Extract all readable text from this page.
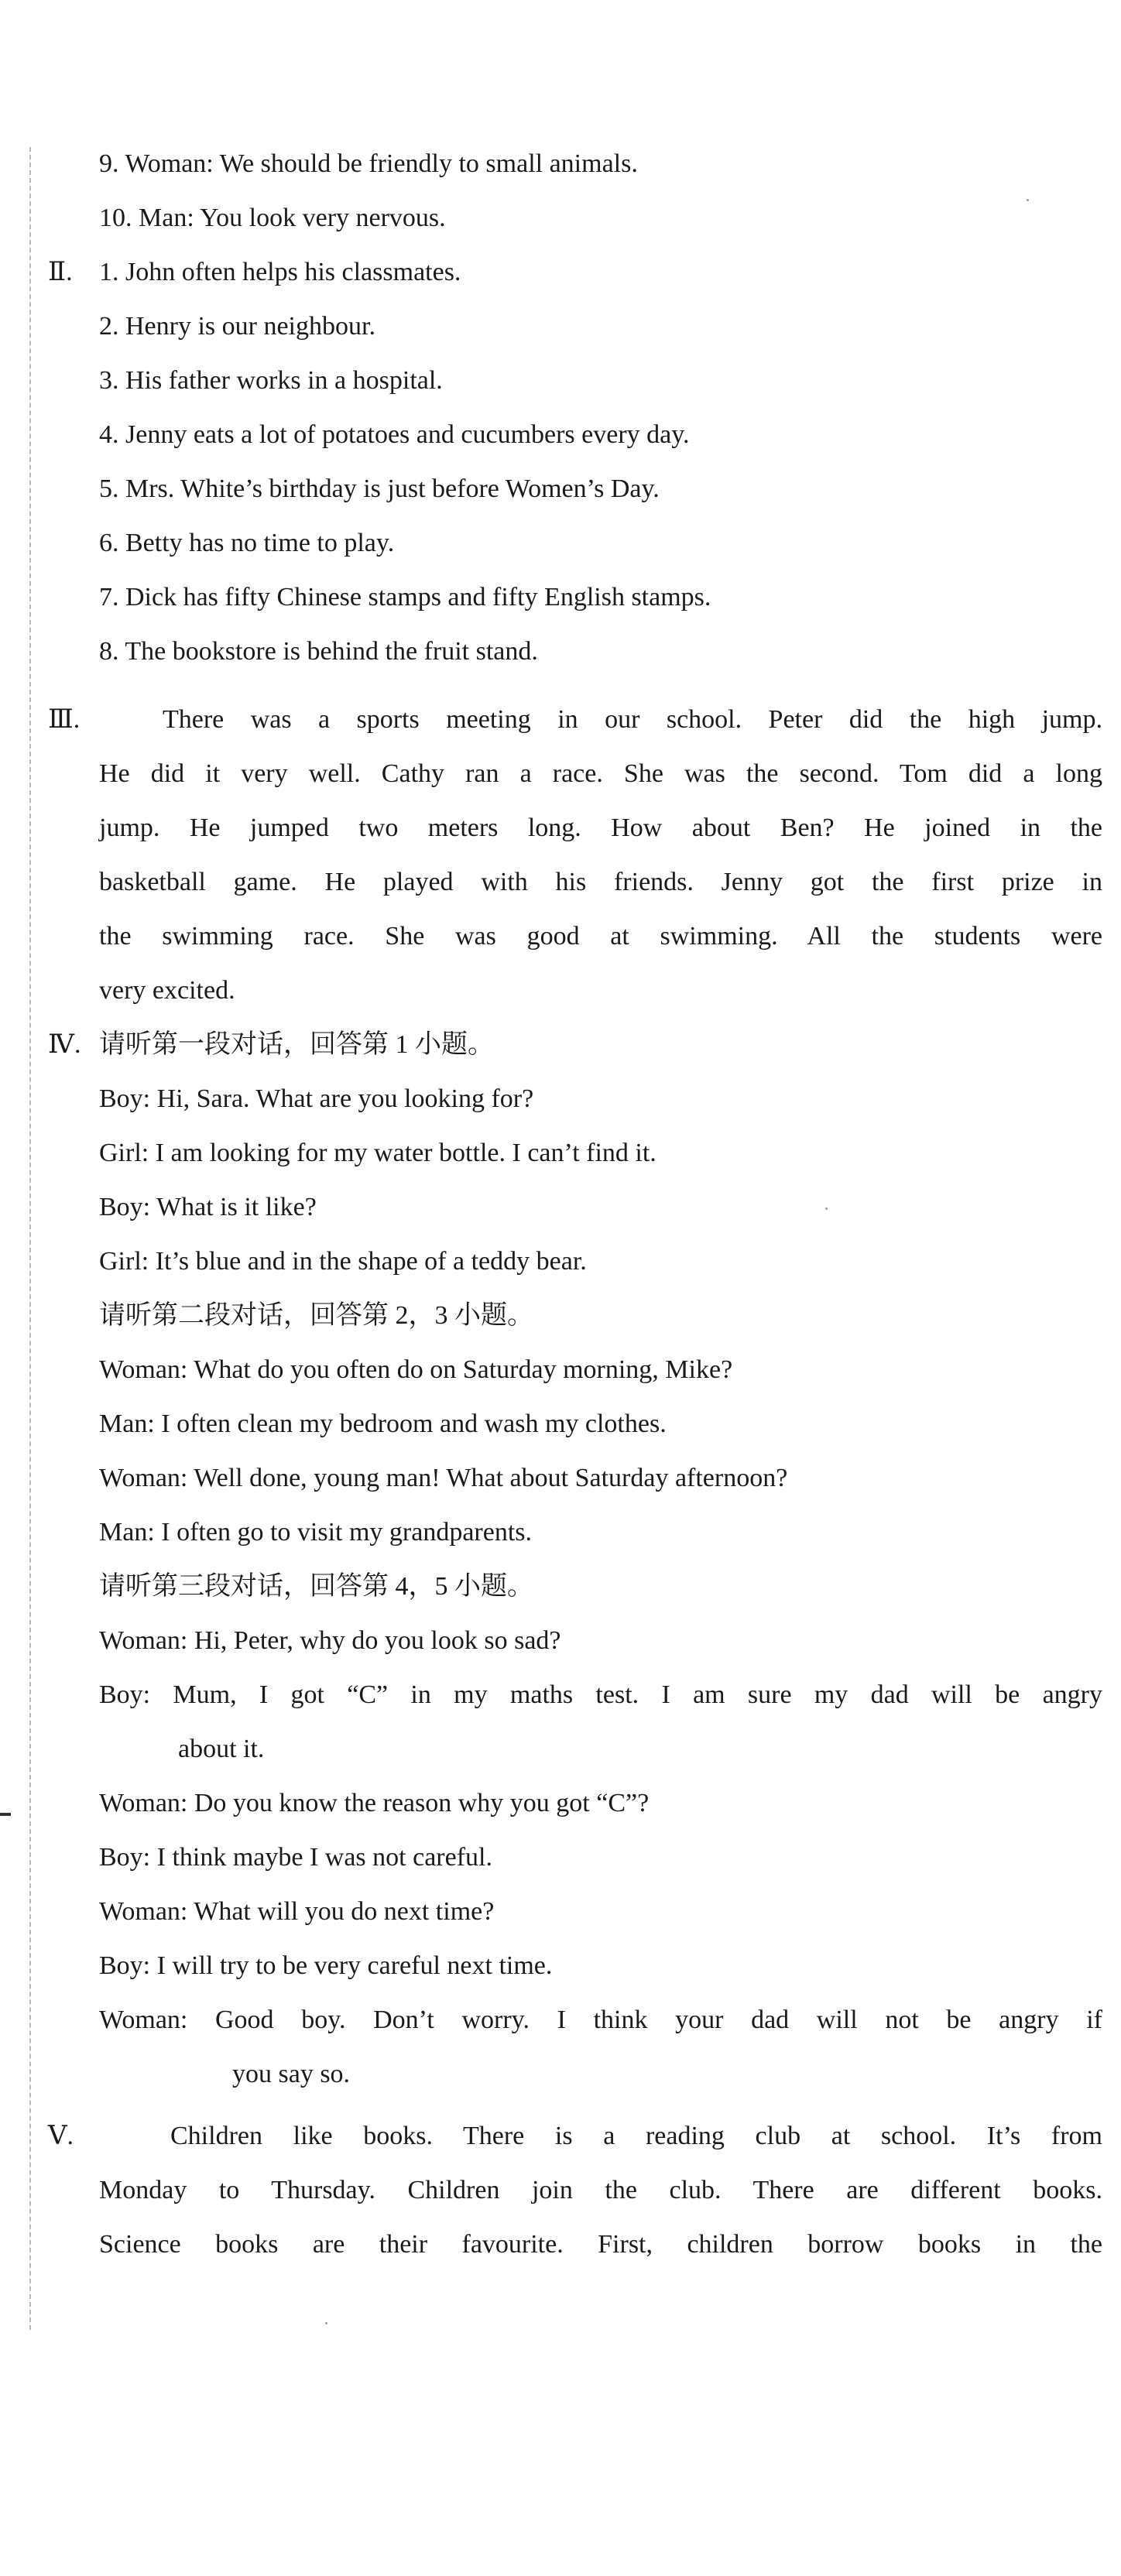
9. Woman: We should be friendly to small animals.
10. Man: You look very nervous.
Ⅱ.	1. John often helps his classmates.
2. Henry is our neighbour.
3. His father works in a hospital.
4. Jenny eats a lot of potatoes and cucumbers every day.
5. Mrs. White’s birthday is just before Women’s Day.
6. Betty has no time to play.
7. Dick has fifty Chinese stamps and fifty English stamps.
8. The bookstore is behind the fruit stand.
Ⅲ.	There was a sports meeting in our school. Peter did the high jump.
He did it very well. Cathy ran a race. She was the second. Tom did a long
jump. He jumped two meters long. How about Ben? He joined in the
basketball game. He played with his friends. Jenny got the first prize in
the swimming race. She was good at swimming. All the students were
very excited.
Ⅳ. 请听第一段对话，回答第 1 小题。
Boy: Hi, Sara. What are you looking for?
Girl: I am looking for my water bottle. I can’t find it.
Boy: What is it like?
Girl: It’s blue and in the shape of a teddy bear.
请听第二段对话，回答第 2，3 小题。
Woman: What do you often do on Saturday morning, Mike?
Man: I often clean my bedroom and wash my clothes.
Woman: Well done, young man! What about Saturday afternoon?
Man: I often go to visit my grandparents.
请听第三段对话，回答第 4，5 小题。
Woman: Hi, Peter, why do you look so sad?
Boy: Mum, I got “C” in my maths test. I am sure my dad will be angry
about it.
Woman: Do you know the reason why you got “C”?
Boy: I think maybe I was not careful.
Woman: What will you do next time?
Boy: I will try to be very careful next time.
Woman: Good boy. Don’t worry. I think your dad will not be angry if
you say so.
Ⅴ.	Children like books. There is a reading club at school. It’s from
Monday to Thursday. Children join the club. There are different books.
Science books are their favourite. First, children borrow books in the
